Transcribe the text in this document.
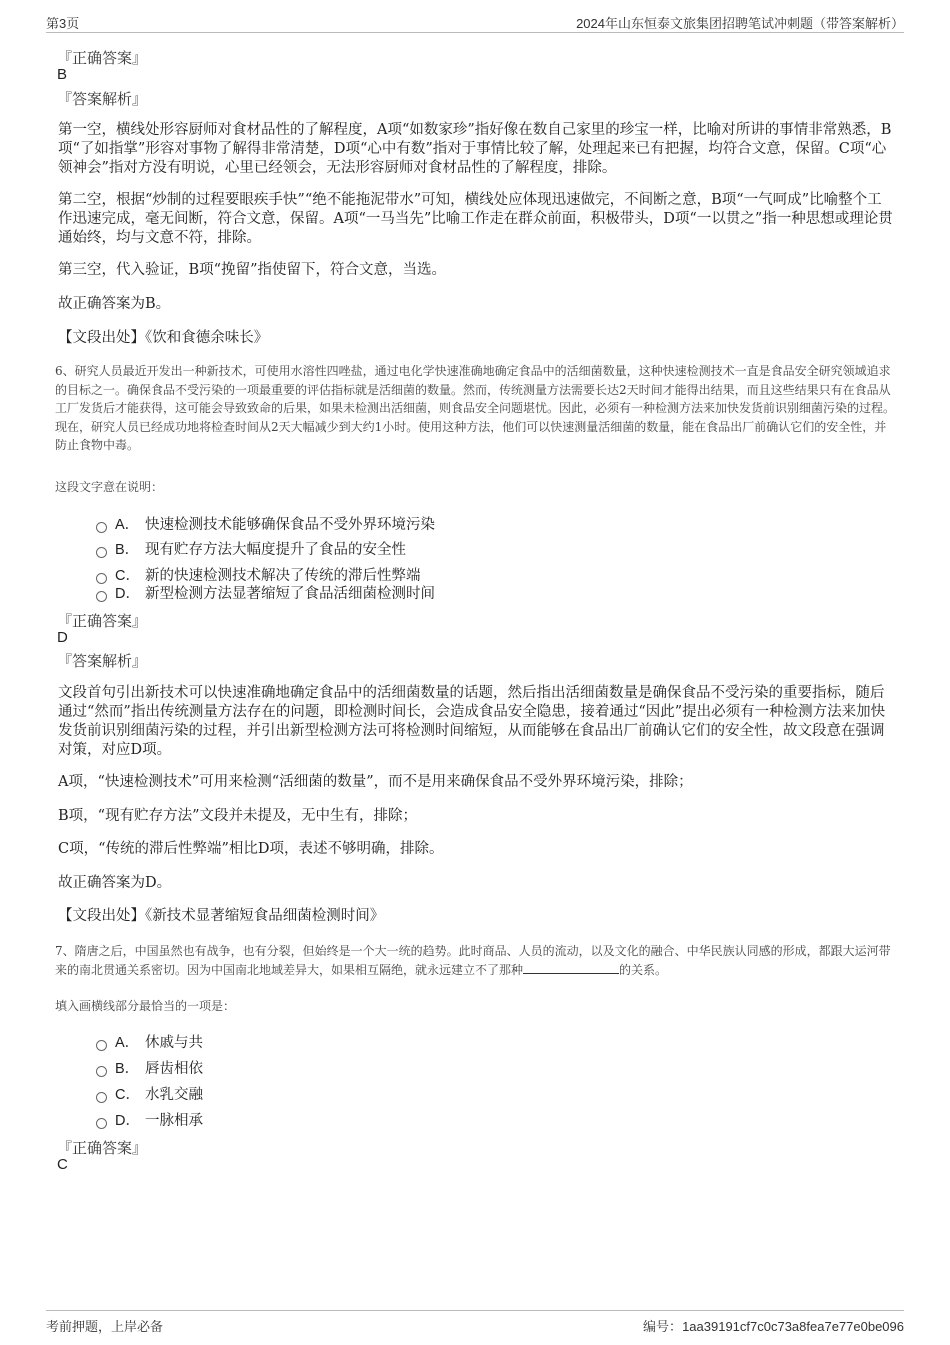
第3页	2024年山东恒泰文旅集团招聘笔试冲刺题（带答案解析）
『正确答案』
B
『答案解析』
第一空，横线处形容厨师对食材品性的了解程度，A项“如数家珍”指好像在数自己家里的珍宝一样，比喻对所讲的事情非常熟悉，B项“了如指掌”形容对事物了解得非常清楚，D项“心中有数”指对于事情比较了解，处理起来已有把握，均符合文意，保留。C项“心领神会”指对方没有明说，心里已经领会，无法形容厨师对食材品性的了解程度，排除。
第二空，根据“炒制的过程要眼疾手快”“绝不能拖泥带水”可知，横线处应体现迅速做完，不间断之意，B项“一气呵成”比喻整个工作迅速完成，毫无间断，符合文意，保留。A项“一马当先”比喻工作走在群众前面，积极带头，D项“一以贯之”指一种思想或理论贯通始终，均与文意不符，排除。
第三空，代入验证，B项“挽留”指使留下，符合文意，当选。
故正确答案为B。
【文段出处】《饮和食德余味长》
6、研究人员最近开发出一种新技术，可使用水溶性四唑盐，通过电化学快速准确地确定食品中的活细菌数量，这种快速检测技术一直是食品安全研究领域追求的目标之一。确保食品不受污染的一项最重要的评估指标就是活细菌的数量。然而，传统测量方法需要长达2天时间才能得出结果，而且这些结果只有在食品从工厂发货后才能获得，这可能会导致致命的后果，如果未检测出活细菌，则食品安全问题堪忧。因此，必须有一种检测方法来加快发货前识别细菌污染的过程。现在，研究人员已经成功地将检查时间从2天大幅减少到大约1小时。使用这种方法，他们可以快速测量活细菌的数量，能在食品出厂前确认它们的安全性，并防止食物中毒。
这段文字意在说明：
A． 快速检测技术能够确保食品不受外界环境污染
B． 现有贮存方法大幅度提升了食品的安全性
C． 新的快速检测技术解决了传统的滞后性弊端
D． 新型检测方法显著缩短了食品活细菌检测时间
『正确答案』
D
『答案解析』
文段首句引出新技术可以快速准确地确定食品中的活细菌数量的话题，然后指出活细菌数量是确保食品不受污染的重要指标，随后通过“然而”指出传统测量方法存在的问题，即检测时间长，会造成食品安全隐患，接着通过“因此”提出必须有一种检测方法来加快发货前识别细菌污染的过程，并引出新型检测方法可将检测时间缩短，从而能够在食品出厂前确认它们的安全性，故文段意在强调对策，对应D项。
A项，“快速检测技术”可用来检测“活细菌的数量”，而不是用来确保食品不受外界环境污染，排除；
B项，“现有贮存方法”文段并未提及，无中生有，排除；
C项，“传统的滞后性弊端”相比D项，表述不够明确，排除。
故正确答案为D。
【文段出处】《新技术显著缩短食品细菌检测时间》
7、隋唐之后，中国虽然也有战争，也有分裂，但始终是一个大一统的趋势。此时商品、人员的流动，以及文化的融合、中华民族认同感的形成，都跟大运河带来的南北贯通关系密切。因为中国南北地域差异大，如果相互隔绝，就永远建立不了那种	的关系。
填入画横线部分最恰当的一项是：
A． 休戚与共
B． 唇齿相依
C． 水乳交融
D． 一脉相承
『正确答案』
C
考前押题，上岸必备	编号：1aa39191cf7c0c73a8fea7e77e0be096
